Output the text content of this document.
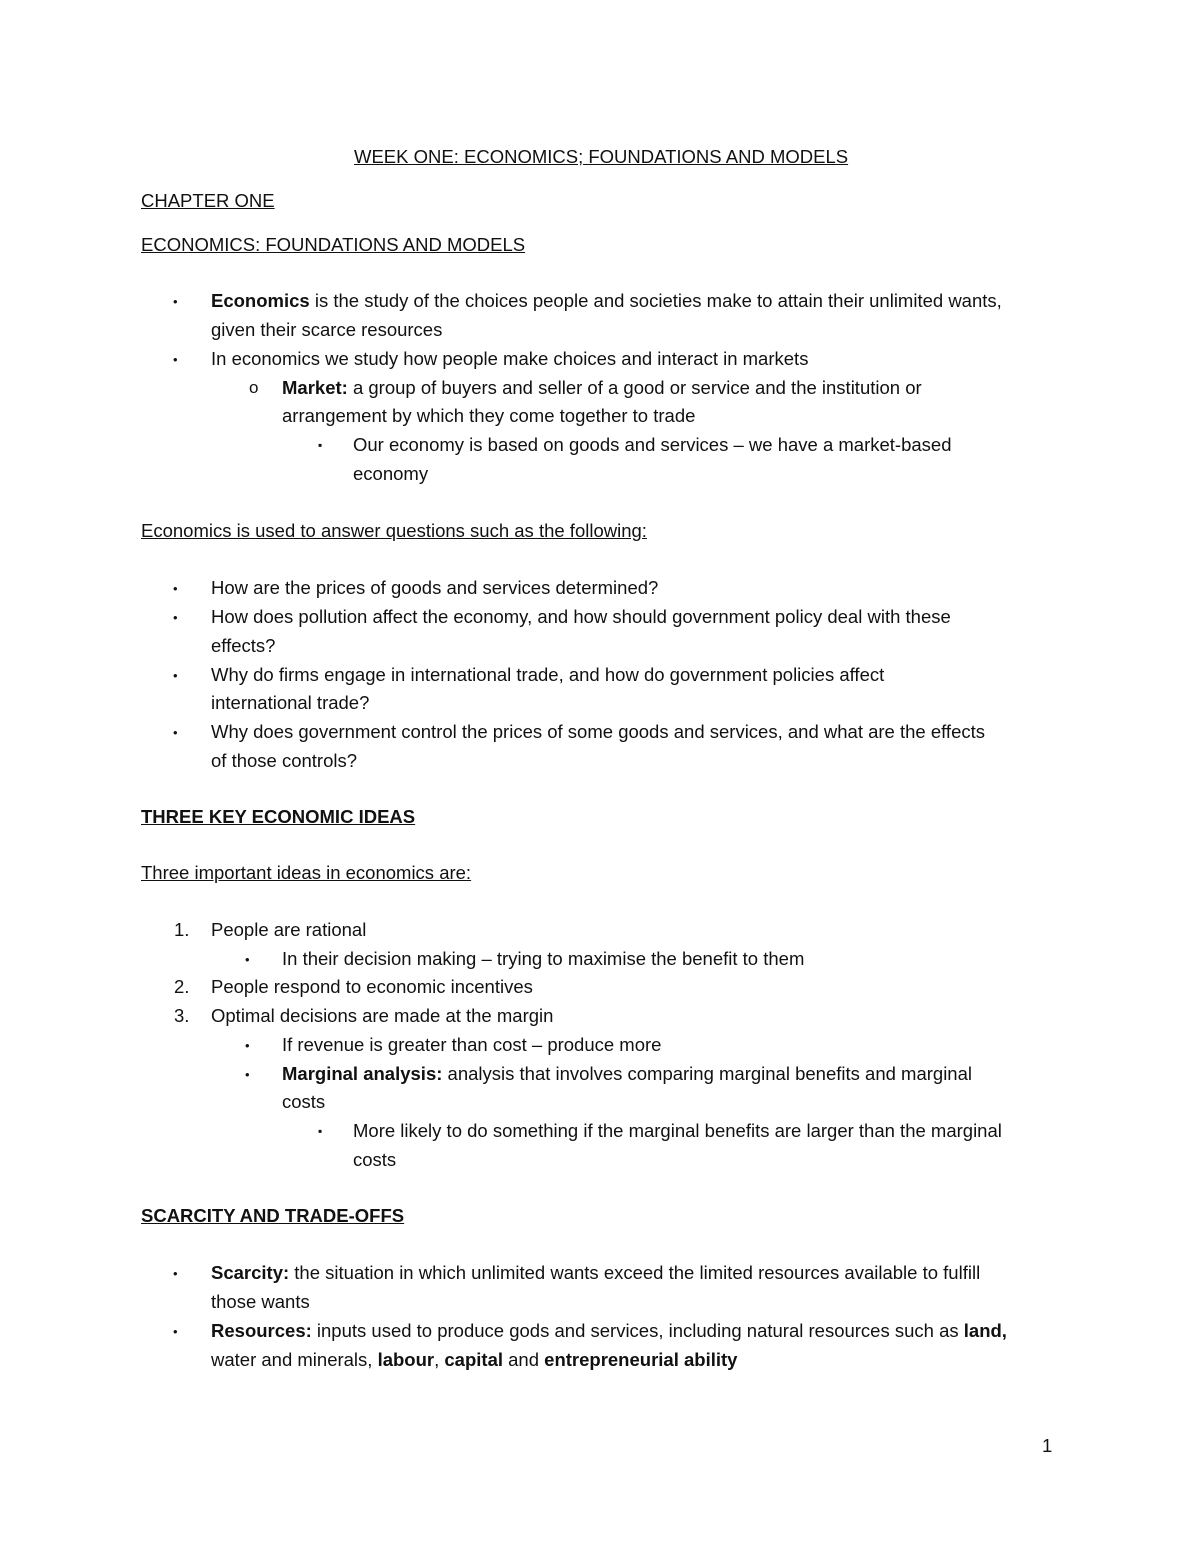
WEEK ONE: ECONOMICS; FOUNDATIONS AND MODELS
CHAPTER ONE
ECONOMICS: FOUNDATIONS AND MODELS
• Economics is the study of the choices people and societies make to attain their unlimited wants,
given their scarce resources
• In economics we study how people make choices and interact in markets
o Market: a group of buyers and seller of a good or service and the institution or
arrangement by which they come together to trade
▪ Our economy is based on goods and services – we have a market-based
economy
Economics is used to answer questions such as the following:
• How are the prices of goods and services determined?
• How does pollution affect the economy, and how should government policy deal with these
effects?
• Why do firms engage in international trade, and how do government policies affect
international trade?
• Why does government control the prices of some goods and services, and what are the effects
of those controls?
THREE KEY ECONOMIC IDEAS
Three important ideas in economics are:
1. People are rational
• In their decision making – trying to maximise the benefit to them
2. People respond to economic incentives
3. Optimal decisions are made at the margin
• If revenue is greater than cost – produce more
• Marginal analysis: analysis that involves comparing marginal benefits and marginal
costs
▪ More likely to do something if the marginal benefits are larger than the marginal
costs
SCARCITY AND TRADE-OFFS
• Scarcity: the situation in which unlimited wants exceed the limited resources available to fulfill
those wants
• Resources: inputs used to produce gods and services, including natural resources such as land,
water and minerals, labour, capital and entrepreneurial ability
1
